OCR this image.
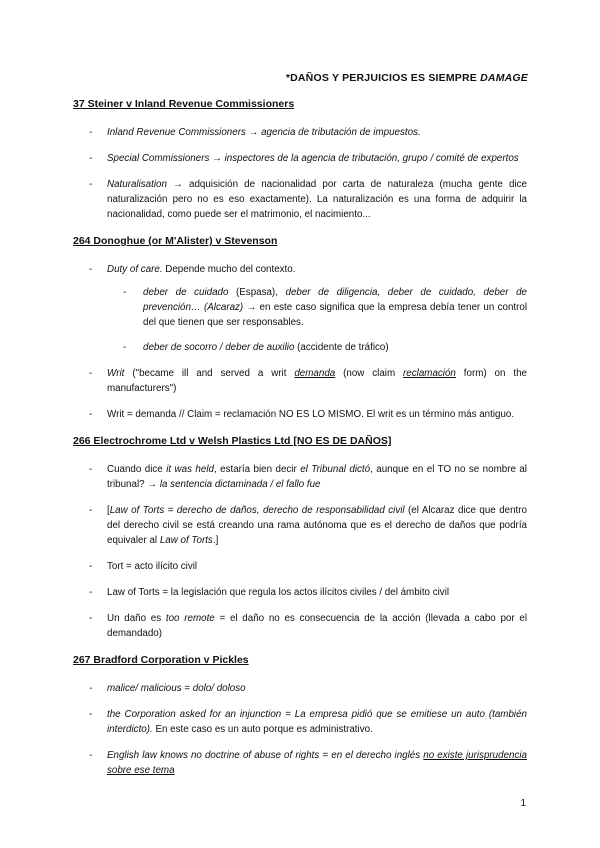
*DAÑOS Y PERJUICIOS ES SIEMPRE DAMAGE
37 Steiner v Inland Revenue Commissioners
- Inland Revenue Commissioners → agencia de tributación de impuestos.
- Special Commissioners → inspectores de la agencia de tributación, grupo / comité de expertos
- Naturalisation → adquisición de nacionalidad por carta de naturaleza (mucha gente dice naturalización pero no es eso exactamente). La naturalización es una forma de adquirir la nacionalidad, como puede ser el matrimonio, el nacimiento...
264 Donoghue (or M'Alister) v Stevenson
- Duty of care. Depende mucho del contexto.
- deber de cuidado (Espasa), deber de diligencia, deber de cuidado, deber de prevención… (Alcaraz) → en este caso significa que la empresa debía tener un control del que tienen que ser responsables.
- deber de socorro / deber de auxilio (accidente de tráfico)
- Writ ("became ill and served a writ demanda (now claim reclamación form) on the manufacturers")
- Writ = demanda // Claim = reclamación NO ES LO MISMO. El writ es un término más antiguo.
266 Electrochrome Ltd v Welsh Plastics Ltd [NO ES DE DAÑOS]
- Cuando dice it was held, estaría bien decir el Tribunal dictó, aunque en el TO no se nombre al tribunal? → la sentencia dictaminada / el fallo fue
- [Law of Torts = derecho de daños, derecho de responsabilidad civil (el Alcaraz dice que dentro del derecho civil se está creando una rama autónoma que es el derecho de daños que podría equivaler al Law of Torts.]
- Tort = acto ilícito civil
- Law of Torts = la legislación que regula los actos ilícitos civiles / del ámbito civil
- Un daño es too remote = el daño no es consecuencia de la acción (llevada a cabo por el demandado)
267 Bradford Corporation v Pickles
- malice/ malicious = dolo/ doloso
- the Corporation asked for an injunction = La empresa pidió que se emitiese un auto (también interdicto). En este caso es un auto porque es administrativo.
- English law knows no doctrine of abuse of rights = en el derecho inglés no existe jurisprudencia sobre ese tema
1
